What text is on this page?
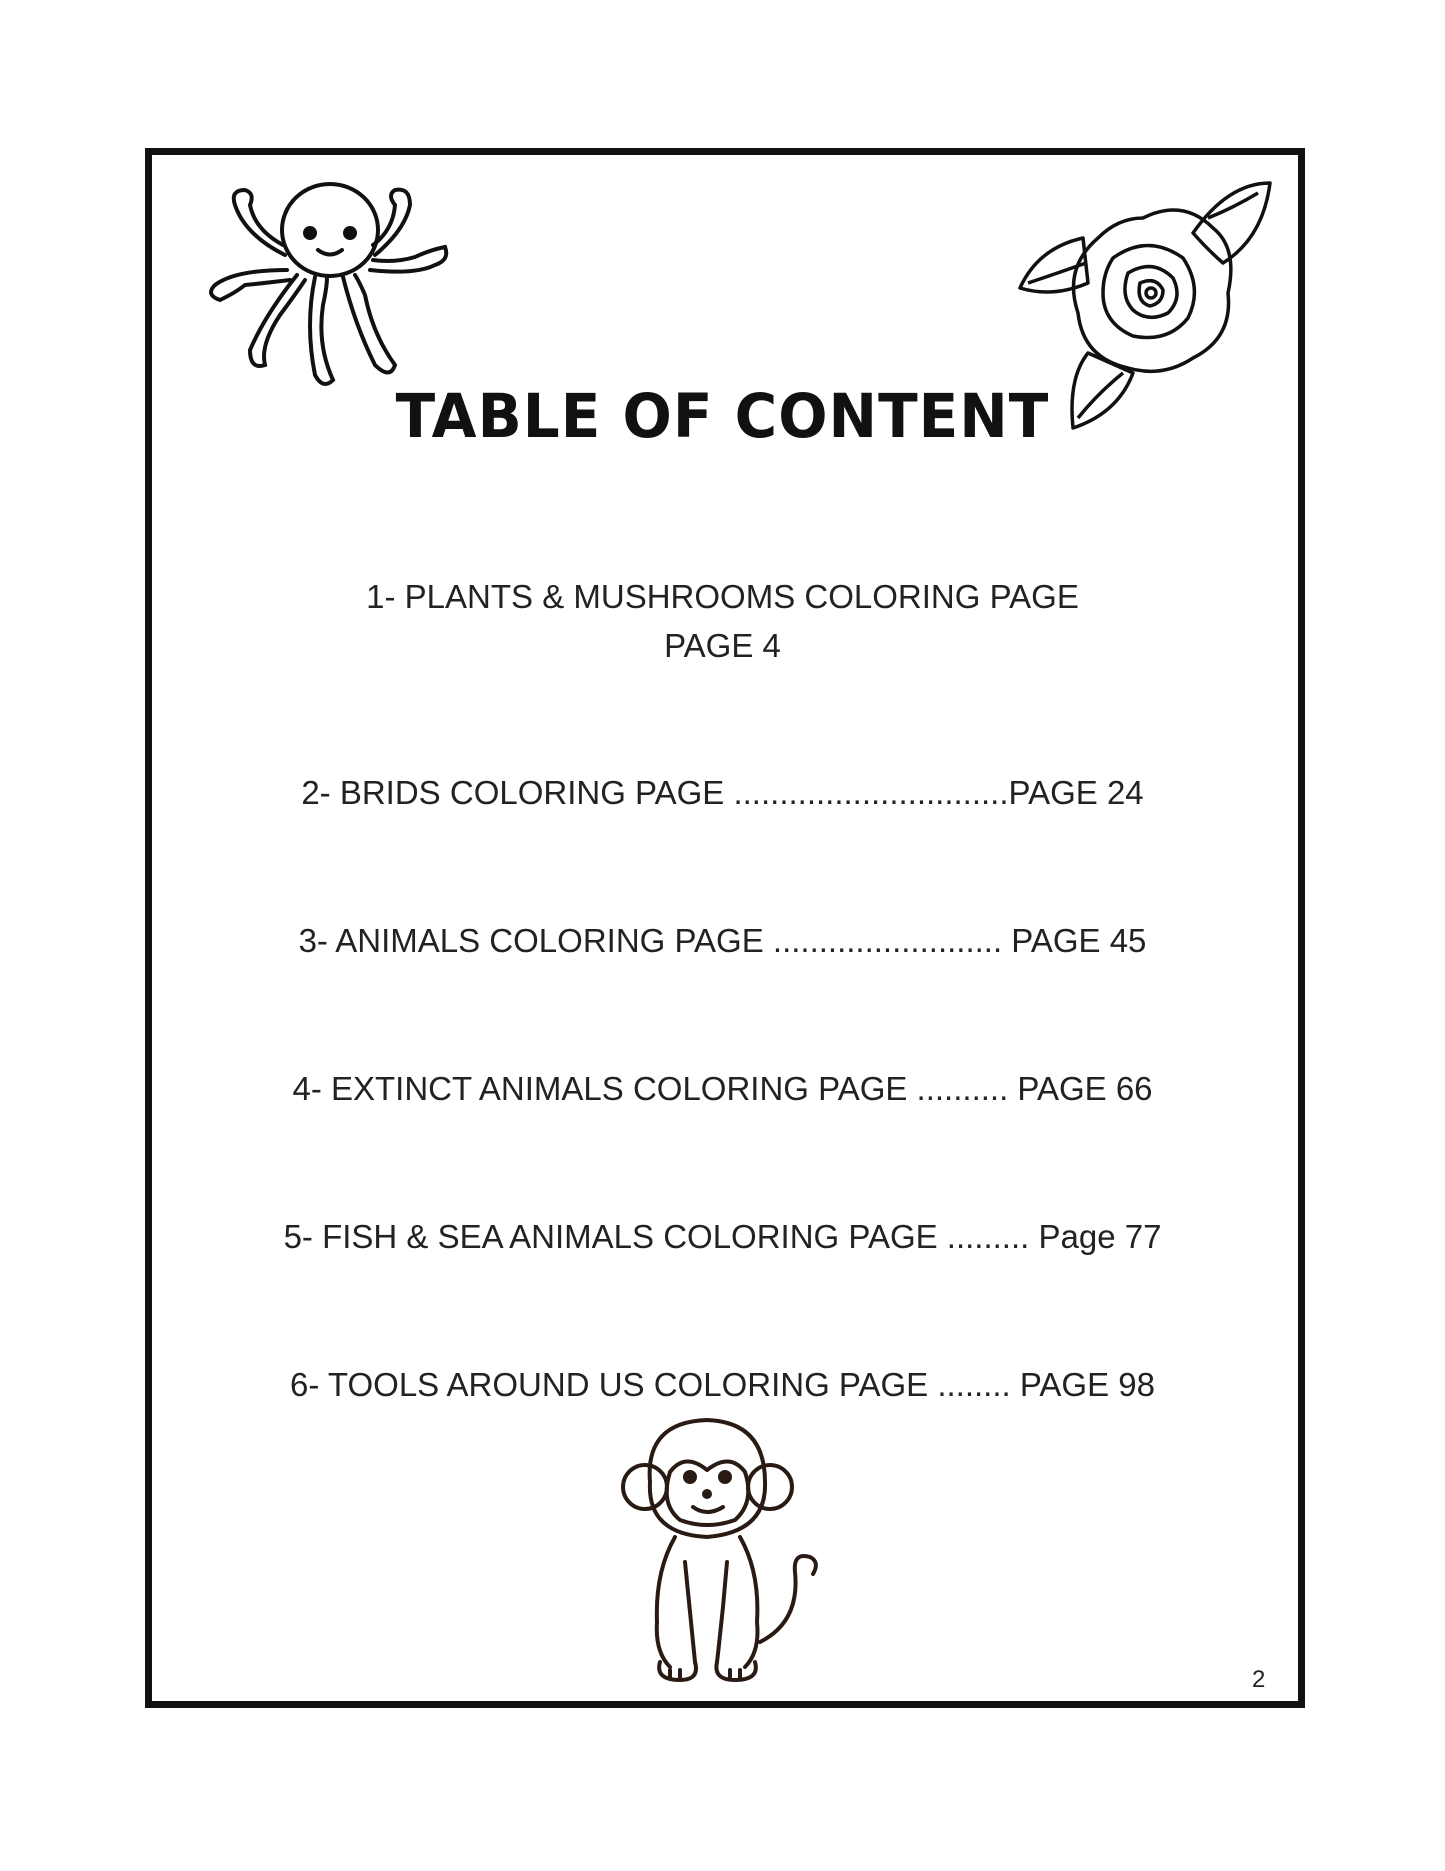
TABLE OF CONTENT
1- PLANTS & MUSHROOMS COLORING PAGE
PAGE 4
2- BRIDS COLORING PAGE ..............................PAGE 24
3- ANIMALS COLORING PAGE ......................... PAGE 45
4- EXTINCT ANIMALS COLORING PAGE .......... PAGE 66
5- FISH & SEA ANIMALS COLORING PAGE ......... Page 77
6- TOOLS AROUND US COLORING PAGE ........ PAGE 98
2
